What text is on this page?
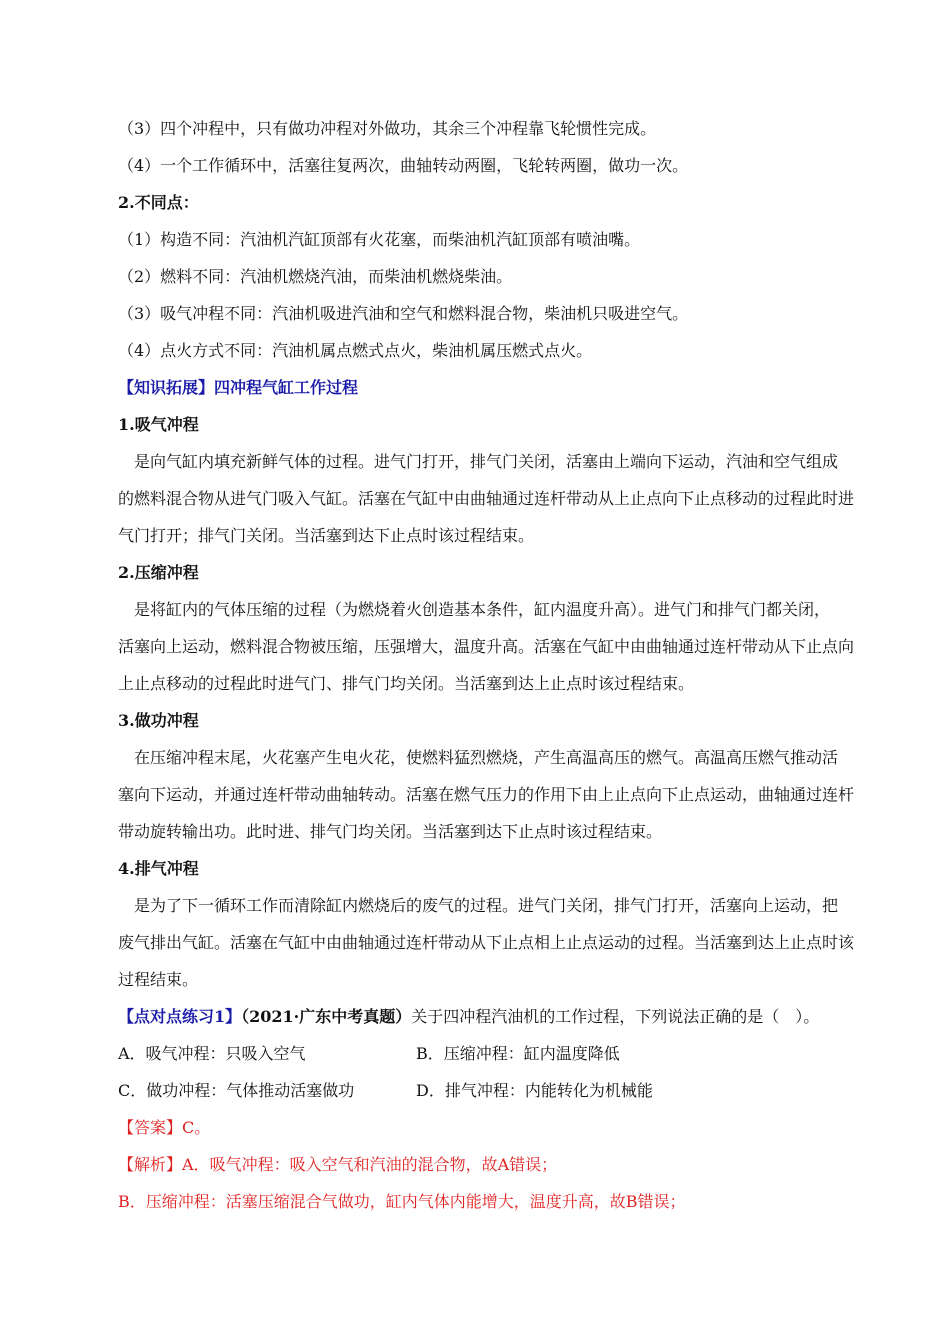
（3）四个冲程中，只有做功冲程对外做功，其余三个冲程靠飞轮惯性完成。
（4）一个工作循环中，活塞往复两次，曲轴转动两圈，飞轮转两圈，做功一次。
2.不同点：
（1）构造不同：汽油机汽缸顶部有火花塞，而柴油机汽缸顶部有喷油嘴。
（2）燃料不同：汽油机燃烧汽油，而柴油机燃烧柴油。
（3）吸气冲程不同：汽油机吸进汽油和空气和燃料混合物，柴油机只吸进空气。
（4）点火方式不同：汽油机属点燃式点火，柴油机属压燃式点火。
【知识拓展】四冲程气缸工作过程
1.吸气冲程
　是向气缸内填充新鲜气体的过程。进气门打开，排气门关闭，活塞由上端向下运动，汽油和空气组成
的燃料混合物从进气门吸入气缸。活塞在气缸中由曲轴通过连杆带动从上止点向下止点移动的过程此时进
气门打开；排气门关闭。当活塞到达下止点时该过程结束。
2.压缩冲程
　是将缸内的气体压缩的过程（为燃烧着火创造基本条件，缸内温度升高）。进气门和排气门都关闭，
活塞向上运动，燃料混合物被压缩，压强增大，温度升高。活塞在气缸中由曲轴通过连杆带动从下止点向
上止点移动的过程此时进气门、排气门均关闭。当活塞到达上止点时该过程结束。
3.做功冲程
　在压缩冲程末尾，火花塞产生电火花，使燃料猛烈燃烧，产生高温高压的燃气。高温高压燃气推动活
塞向下运动，并通过连杆带动曲轴转动。活塞在燃气压力的作用下由上止点向下止点运动，曲轴通过连杆
带动旋转输出功。此时进、排气门均关闭。当活塞到达下止点时该过程结束。
4.排气冲程
　是为了下一循环工作而清除缸内燃烧后的废气的过程。进气门关闭，排气门打开，活塞向上运动，把
废气排出气缸。活塞在气缸中由曲轴通过连杆带动从下止点相上止点运动的过程。当活塞到达上止点时该
过程结束。
【点对点练习1】（2021·广东中考真题）关于四冲程汽油机的工作过程，下列说法正确的是（　）。
A．吸气冲程：只吸入空气	B．压缩冲程：缸内温度降低
C．做功冲程：气体推动活塞做功	D．排气冲程：内能转化为机械能
【答案】C。
【解析】A．吸气冲程：吸入空气和汽油的混合物，故A错误；
B．压缩冲程：活塞压缩混合气做功，缸内气体内能增大，温度升高，故B错误；
